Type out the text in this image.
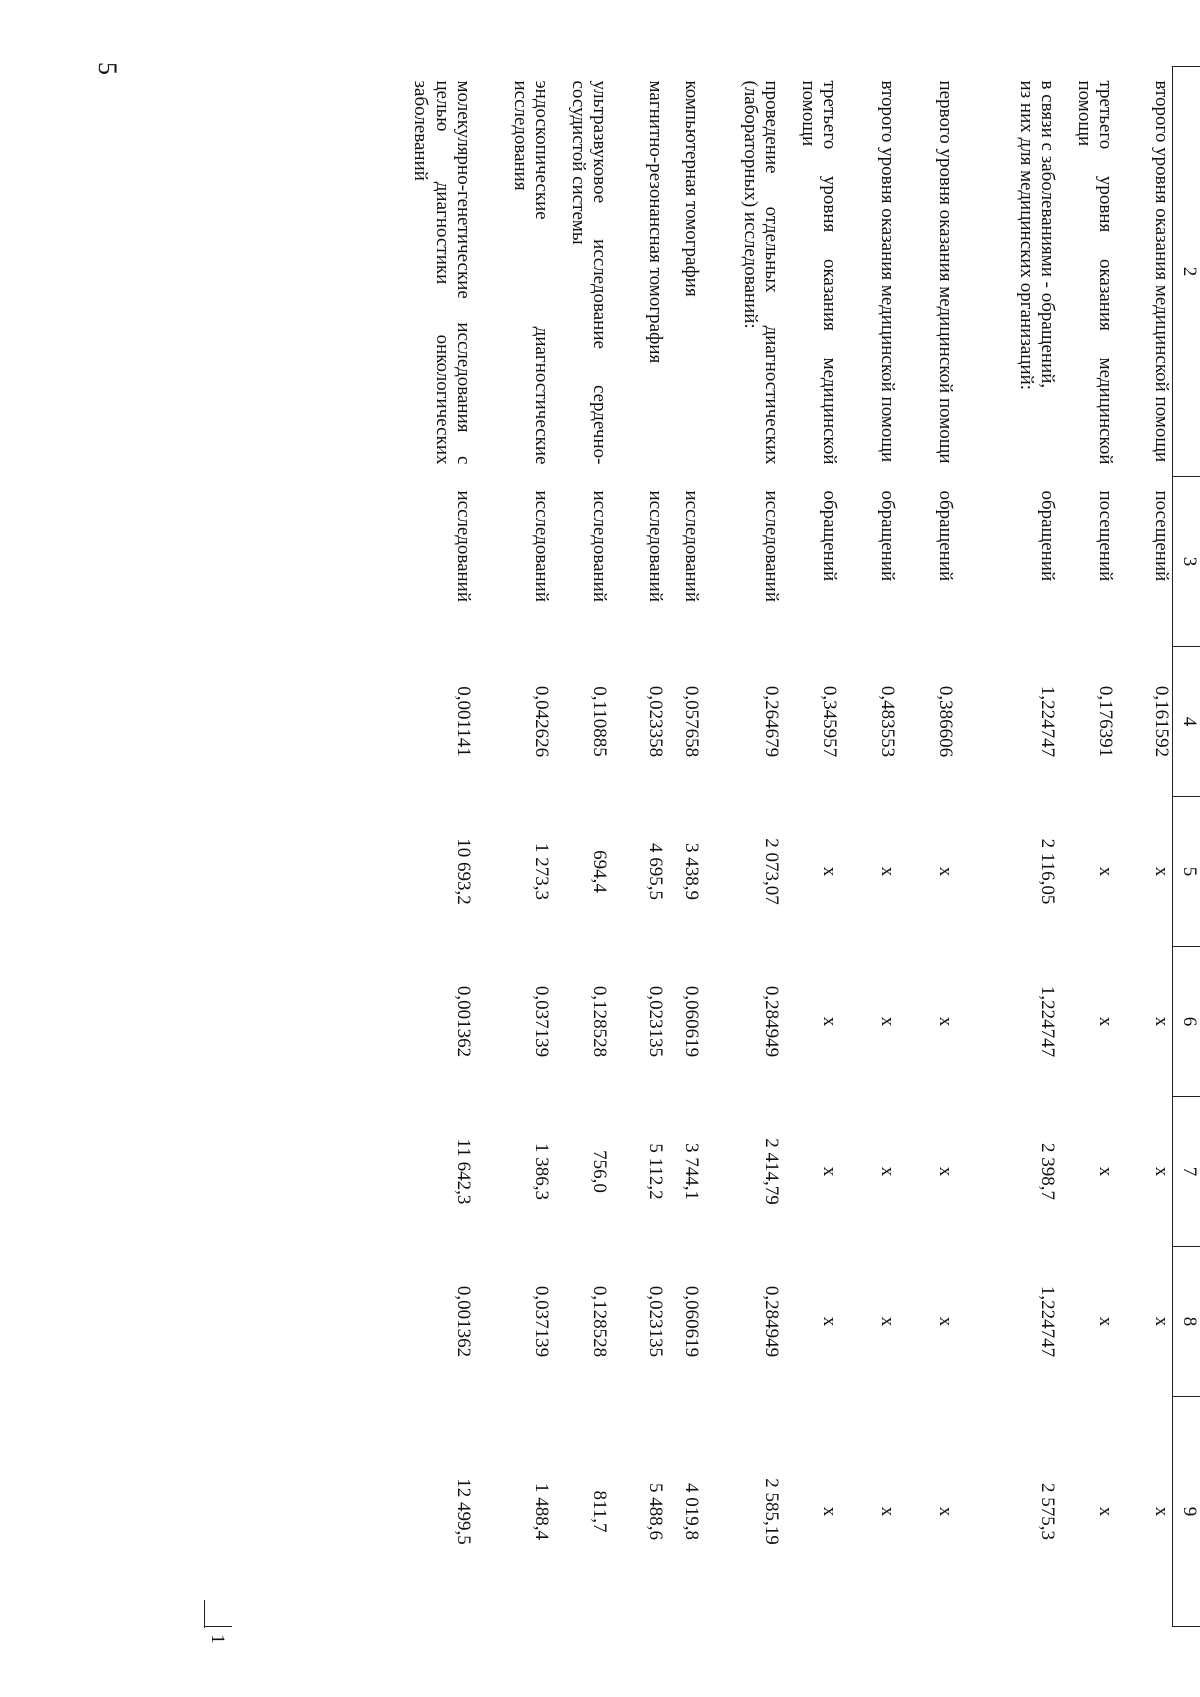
5
2	3	4	5	6	7	8	9
второго уровня оказания медицинской помощи	посещений	0,161592	х	х	х	х	х
третьего уровня оказания медицинской помощи	посещений	0,176391	х	х	х	х	х

в связи с заболеваниями - обращений,
из них для медицинских организаций:	обращений	1,224747	2 116,05	1,224747	2 398,7	1,224747	2 575,3
первого уровня оказания медицинской помощи	обращений	0,386606	х	х	х	х	х
второго уровня оказания медицинской помощи	обращений	0,483553	х	х	х	х	х
третьего уровня оказания медицинской помощи	обращений	0,345957	х	х	х	х	х
проведение отдельных диагностических (лабораторных) исследований:	исследований	0,264679	2 073,07	0,284949	2 414,79	0,284949	2 585,19
компьютерная томография	исследований	0,057658	3 438,9	0,060619	3 744,1	0,060619	4 019,8
магнитно-резонансная томография	исследований	0,023358	4 695,5	0,023135	5 112,2	0,023135	5 488,6
ультразвуковое исследование сердечно-сосудистой системы	исследований	0,110885	694,4	0,128528	756,0	0,128528	811,7
эндоскопические диагностические исследования	исследований	0,042626	1 273,3	0,037139	1 386,3	0,037139	1 488,4
молекулярно-генетические исследования с целью диагностики онкологических заболеваний	исследований	0,001141	10 693,2	0,001362	11 642,3	0,001362	12 499,5
1
